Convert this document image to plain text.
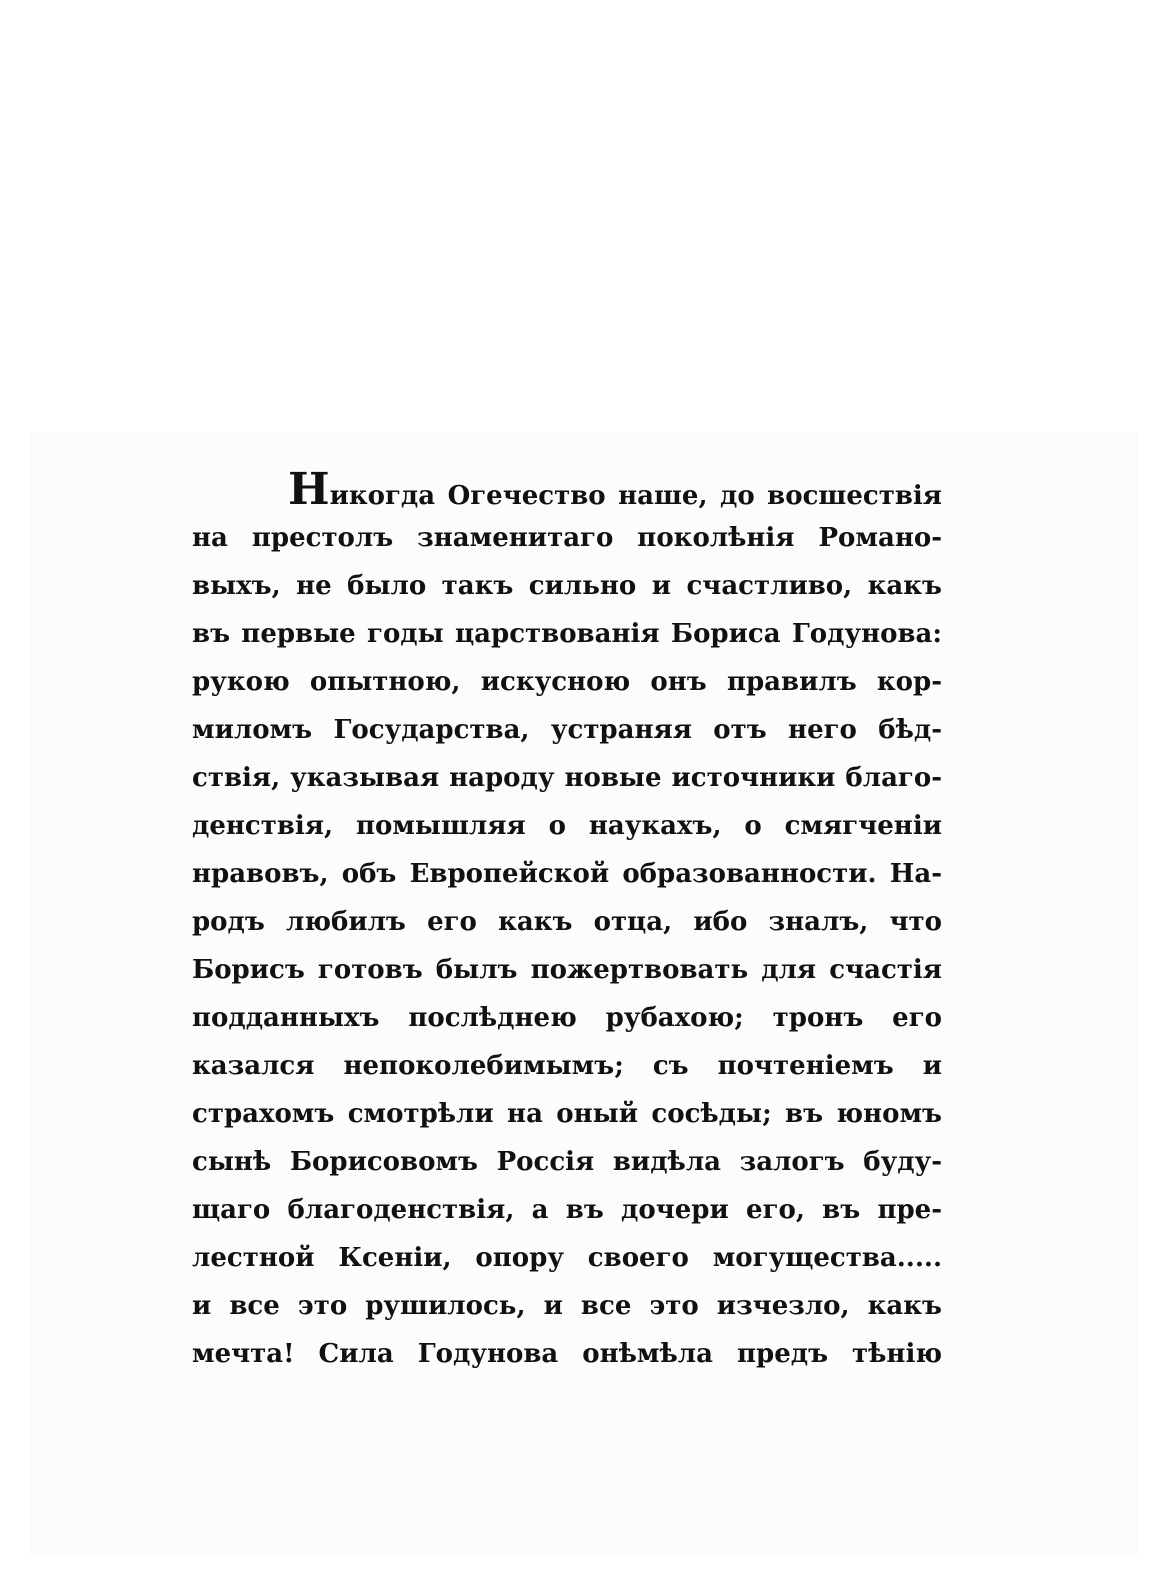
Никогда Огечество наше, до восшествія
на престолъ знаменитаго поколѣнія Романо-
выхъ, не было такъ сильно и счастливо, какъ
въ первые годы царствованія Бориса Годунова:
рукою опытною, искусною онъ правилъ кор-
миломъ Государства, устраняя отъ него бѣд-
ствія, указывая народу новые источники благо-
денствія, помышляя о наукахъ, о смягченіи
нравовъ, объ Европейской образованности. На-
родъ любилъ его какъ отца, ибо зналъ, что
Борисъ готовъ былъ пожертвовать для счастія
подданныхъ послѣднею рубахою; тронъ его
казался непоколебимымъ; съ почтеніемъ и
страхомъ смотрѣли на оный сосѣды; въ юномъ
сынѣ Борисовомъ Россія видѣла залогъ буду-
щаго благоденствія, а въ дочери его, въ пре-
лестной Ксеніи, опору своего могущества.....
и все это рушилось, и все это изчезло, какъ
мечта! Сила Годунова онѣмѣла предъ тѣнію
